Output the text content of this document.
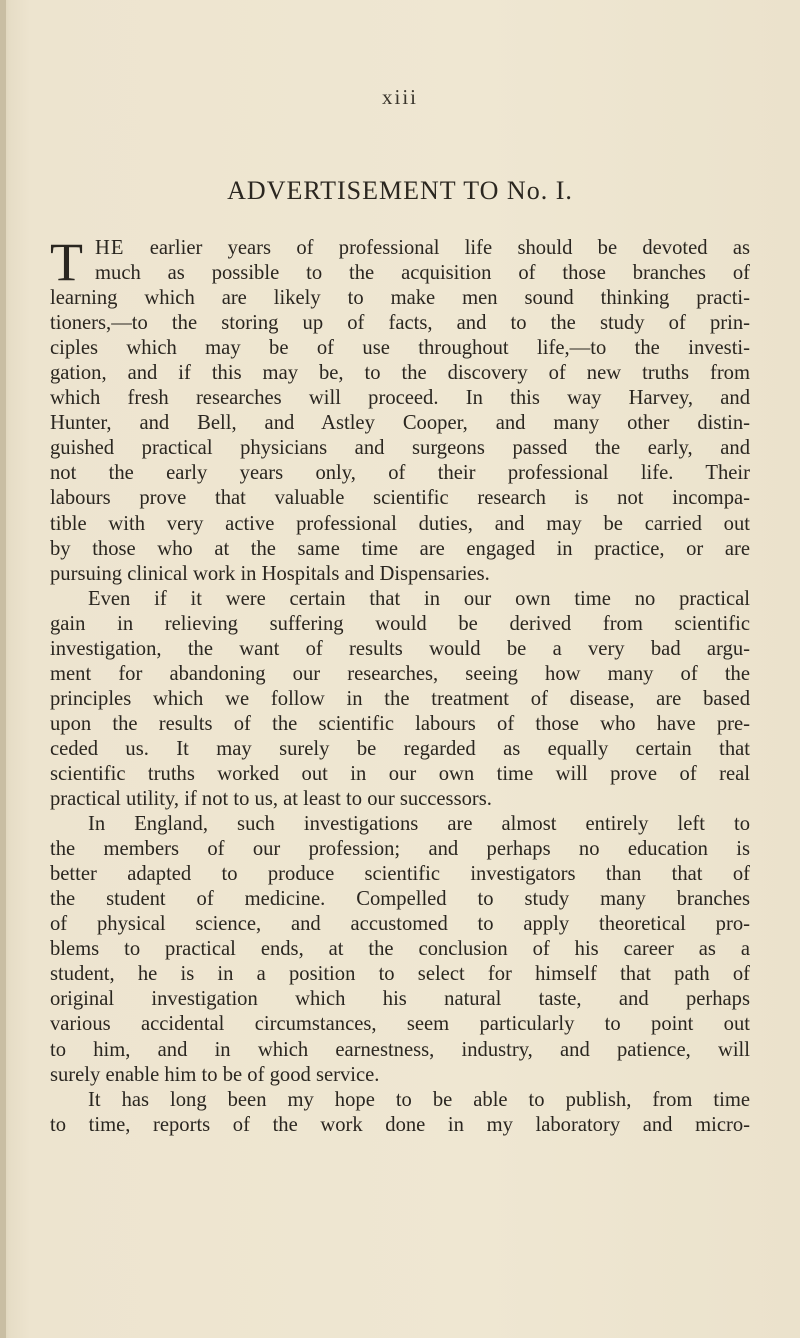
xiii
ADVERTISEMENT TO No. I.
T HE earlier years of professional life should be devoted as
much as possible to the acquisition of those branches of
learning which are likely to make men sound thinking practi-
tioners,—to the storing up of facts, and to the study of prin-
ciples which may be of use throughout life,—to the investi-
gation, and if this may be, to the discovery of new truths from
which fresh researches will proceed. In this way Harvey, and
Hunter, and Bell, and Astley Cooper, and many other distin-
guished practical physicians and surgeons passed the early, and
not the early years only, of their professional life. Their
labours prove that valuable scientific research is not incompa-
tible with very active professional duties, and may be carried out
by those who at the same time are engaged in practice, or are
pursuing clinical work in Hospitals and Dispensaries.
Even if it were certain that in our own time no practical
gain in relieving suffering would be derived from scientific
investigation, the want of results would be a very bad argu-
ment for abandoning our researches, seeing how many of the
principles which we follow in the treatment of disease, are based
upon the results of the scientific labours of those who have pre-
ceded us. It may surely be regarded as equally certain that
scientific truths worked out in our own time will prove of real
practical utility, if not to us, at least to our successors.
In England, such investigations are almost entirely left to
the members of our profession; and perhaps no education is
better adapted to produce scientific investigators than that of
the student of medicine. Compelled to study many branches
of physical science, and accustomed to apply theoretical pro-
blems to practical ends, at the conclusion of his career as a
student, he is in a position to select for himself that path of
original investigation which his natural taste, and perhaps
various accidental circumstances, seem particularly to point out
to him, and in which earnestness, industry, and patience, will
surely enable him to be of good service.
It has long been my hope to be able to publish, from time
to time, reports of the work done in my laboratory and micro-
